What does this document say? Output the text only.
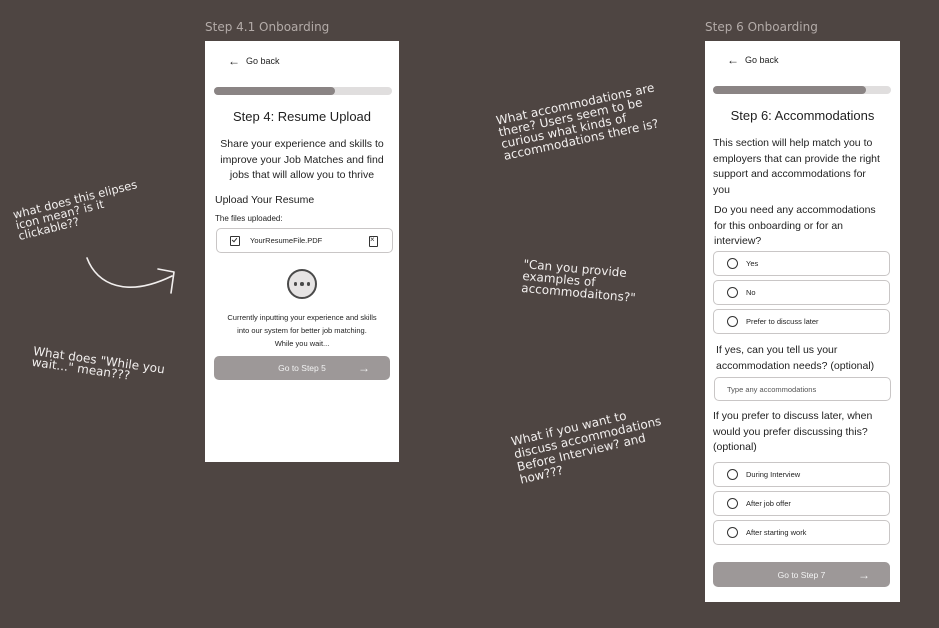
Step 4.1 Onboarding	Step 6 Onboarding
← Go back
Step 4: Resume Upload
Share your experience and skills to
improve your Job Matches and find
jobs that will allow you to thrive
Upload Your Resume
The files uploaded:
YourResumeFile.PDF
×
Currently inputting your experience and skills
into our system for better job matching.
While you wait...
Go to Step 5	→
← Go back
Step 6: Accommodations
This section will help match you to
employers that can provide the right
support and accommodations for
you
Do you need any accommodations
for this onboarding or for an
interview?
Yes
No
Prefer to discuss later
If yes, can you tell us your
accommodation needs? (optional)
Type any accommodations
If you prefer to discuss later, when
would you prefer discussing this?
(optional)
During Interview
After job offer
After starting work
Go to Step 7	→
what does this elipses
icon mean? is it
clickable??
What does "While you
wait..." mean???
What accommodations are
there? Users seem to be
curious what kinds of
accommodations there is?
"Can you provide
examples of
accommodaitons?"
What if you want to
discuss accommodations
Before Interview? and
how???
